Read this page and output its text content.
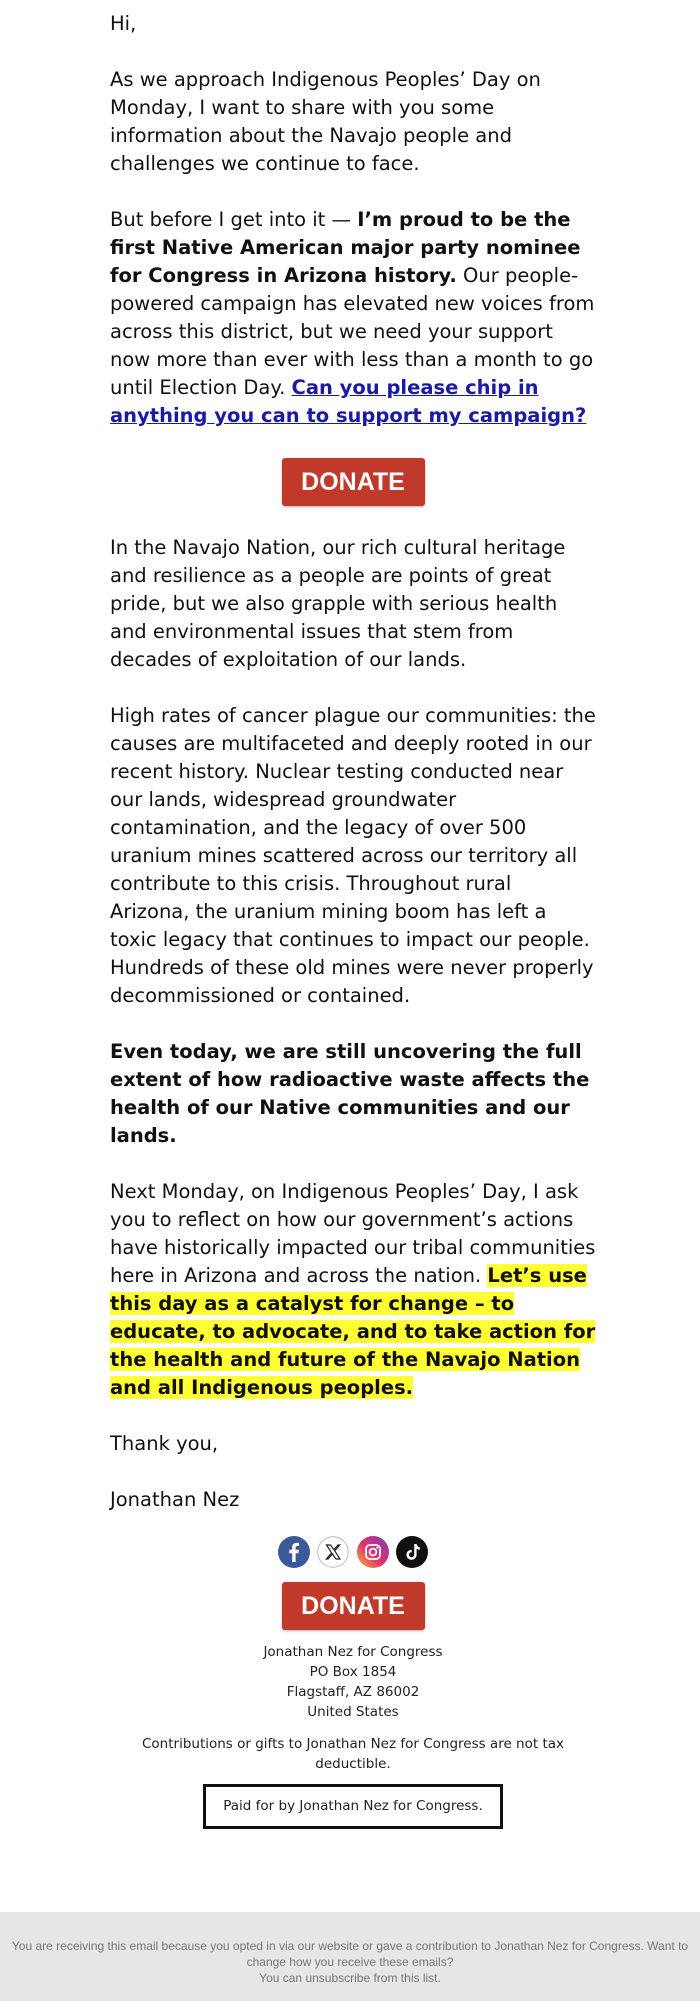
Hi,

As we approach Indigenous Peoples’ Day on Monday, I want to share with you some information about the Navajo people and challenges we continue to face.

But before I get into it — I’m proud to be the first Native American major party nominee for Congress in Arizona history. Our people-powered campaign has elevated new voices from across this district, but we need your support now more than ever with less than a month to go until Election Day. Can you please chip in anything you can to support my campaign?

DONATE

In the Navajo Nation, our rich cultural heritage and resilience as a people are points of great pride, but we also grapple with serious health and environmental issues that stem from decades of exploitation of our lands.

High rates of cancer plague our communities: the causes are multifaceted and deeply rooted in our recent history. Nuclear testing conducted near our lands, widespread groundwater contamination, and the legacy of over 500 uranium mines scattered across our territory all contribute to this crisis. Throughout rural Arizona, the uranium mining boom has left a toxic legacy that continues to impact our people. Hundreds of these old mines were never properly decommissioned or contained.

Even today, we are still uncovering the full extent of how radioactive waste affects the health of our Native communities and our lands.

Next Monday, on Indigenous Peoples’ Day, I ask you to reflect on how our government’s actions have historically impacted our tribal communities here in Arizona and across the nation. Let’s use this day as a catalyst for change – to educate, to advocate, and to take action for the health and future of the Navajo Nation and all Indigenous peoples.

Thank you,

Jonathan Nez

DONATE
Jonathan Nez for Congress
PO Box 1854
Flagstaff, AZ 86002
United States
Contributions or gifts to Jonathan Nez for Congress are not tax deductible.
Paid for by Jonathan Nez for Congress.
You are receiving this email because you opted in via our website or gave a contribution to Jonathan Nez for Congress. Want to change how you receive these emails?
You can unsubscribe from this list.
